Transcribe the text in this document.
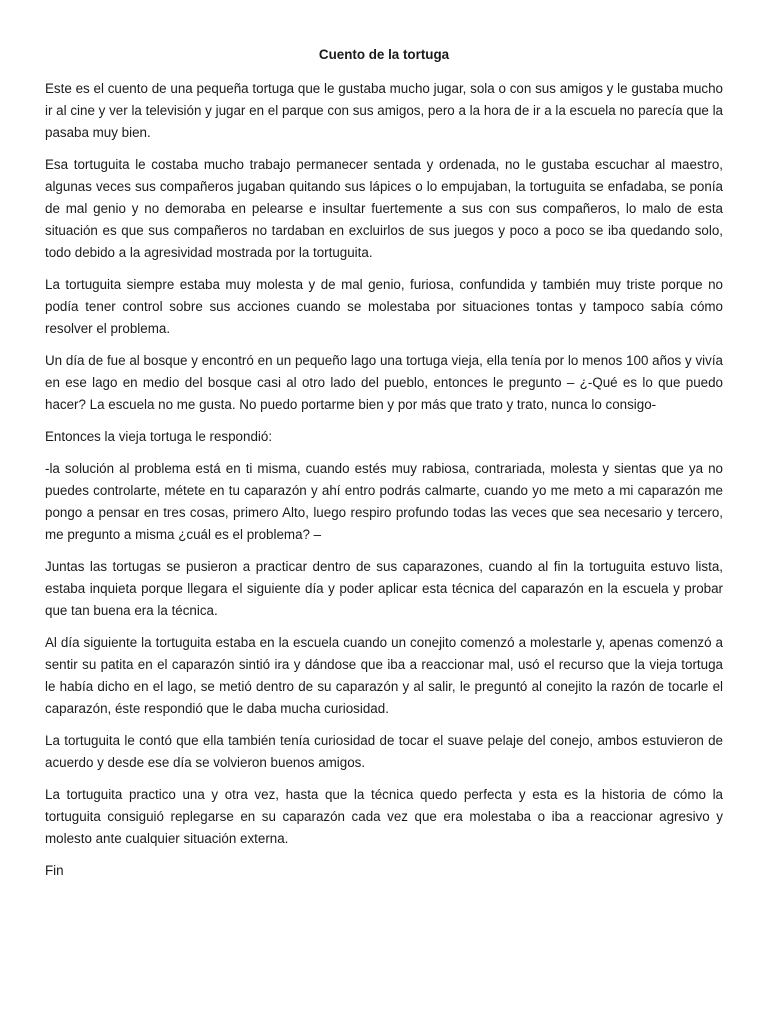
Cuento de la tortuga

Este es el cuento de una pequeña tortuga que le gustaba mucho jugar, sola o con sus amigos y le gustaba mucho ir al cine y ver la televisión y jugar en el parque con sus amigos, pero a la hora de ir a la escuela no parecía que la pasaba muy bien.

Esa tortuguita le costaba mucho trabajo permanecer sentada y ordenada, no le gustaba escuchar al maestro, algunas veces sus compañeros jugaban quitando sus lápices o lo empujaban, la tortuguita se enfadaba, se ponía de mal genio y no demoraba en pelearse e insultar fuertemente a sus con sus compañeros, lo malo de esta situación es que sus compañeros no tardaban en excluirlos de sus juegos y poco a poco se iba quedando solo, todo debido a la agresividad mostrada por la tortuguita.

La tortuguita siempre estaba muy molesta y de mal genio, furiosa, confundida y también muy triste porque no podía tener control sobre sus acciones cuando se molestaba por situaciones tontas y tampoco sabía cómo resolver el problema.

Un día de fue al bosque y encontró en un pequeño lago una tortuga vieja, ella tenía por lo menos 100 años y vivía en ese lago en medio del bosque casi al otro lado del pueblo, entonces le pregunto – ¿-Qué es lo que puedo hacer? La escuela no me gusta. No puedo portarme bien y por más que trato y trato, nunca lo consigo-

Entonces la vieja tortuga le respondió:

-la solución al problema está en ti misma, cuando estés muy rabiosa, contrariada, molesta y sientas que ya no puedes controlarte, métete en tu caparazón y ahí entro podrás calmarte, cuando yo me meto a mi caparazón me pongo a pensar en tres cosas, primero Alto, luego respiro profundo todas las veces que sea necesario y tercero, me pregunto a misma ¿cuál es el problema? –

Juntas las tortugas se pusieron a practicar dentro de sus caparazones, cuando al fin la tortuguita estuvo lista, estaba inquieta porque llegara el siguiente día y poder aplicar esta técnica del caparazón en la escuela y probar que tan buena era la técnica.

Al día siguiente la tortuguita estaba en la escuela cuando un conejito comenzó a molestarle y, apenas comenzó a sentir su patita en el caparazón sintió ira y dándose que iba a reaccionar mal, usó el recurso que la vieja tortuga le había dicho en el lago, se metió dentro de su caparazón y al salir, le preguntó al conejito la razón de tocarle el caparazón, éste respondió que le daba mucha curiosidad.

La tortuguita le contó que ella también tenía curiosidad de tocar el suave pelaje del conejo, ambos estuvieron de acuerdo y desde ese día se volvieron buenos amigos.

La tortuguita practico una y otra vez, hasta que la técnica quedo perfecta y esta es la historia de cómo la tortuguita consiguió replegarse en su caparazón cada vez que era molestaba o iba a reaccionar agresivo y molesto ante cualquier situación externa.

Fin
